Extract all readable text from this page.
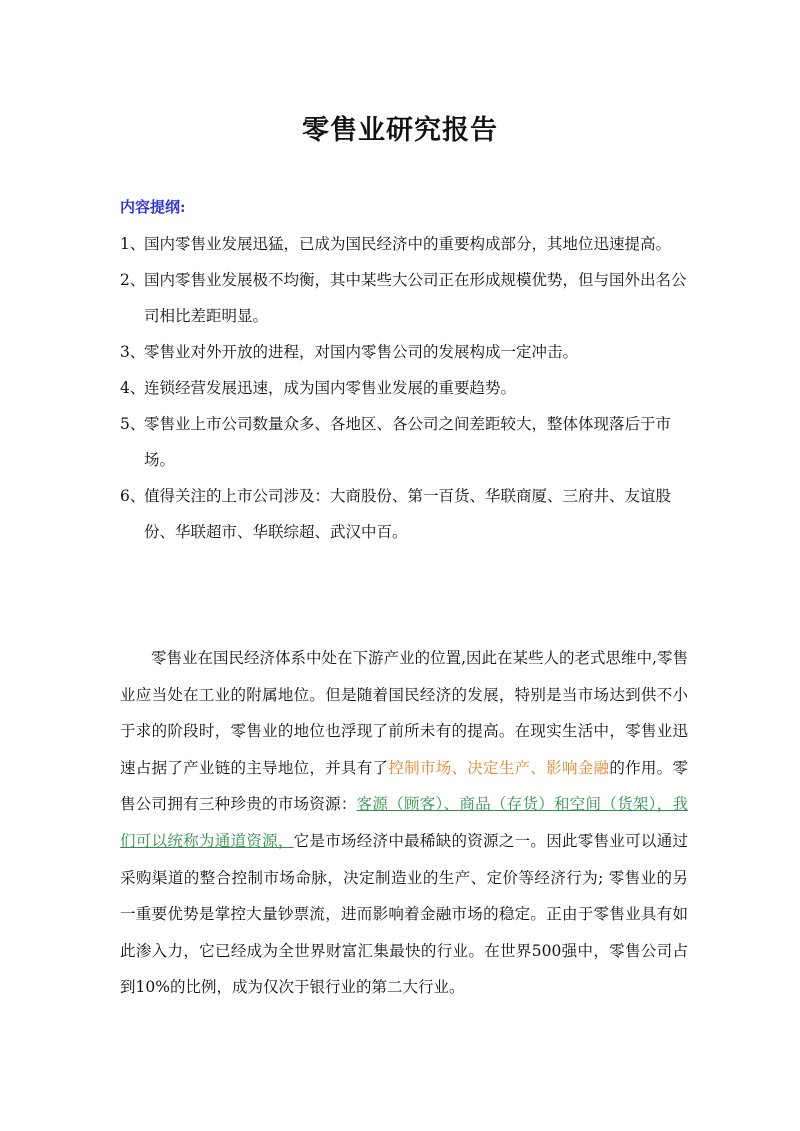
零售业研究报告
内容提纲:
1、
国内零售业发展迅猛，已成为国民经济中的重要构成部分，其地位迅速提高。
2、
国内零售业发展极不均衡，其中某些大公司正在形成规模优势，但与国外出名公司相比差距明显。
3、
零售业对外开放的进程，对国内零售公司的发展构成一定冲击。
4、
连锁经营发展迅速，成为国内零售业发展的重要趋势。
5、
零售业上市公司数量众多、各地区、各公司之间差距较大，整体体现落后于市场。
6、
值得关注的上市公司涉及：大商股份、第一百货、华联商厦、三府井、友谊股份、华联超市、华联综超、武汉中百。
零售业在国民经济体系中处在下游产业的位置,因此在某些人的老式思维中,零售业应当处在工业的附属地位。但是随着国民经济的发展，特别是当市场达到供不小于求的阶段时，零售业的地位也浮现了前所未有的提高。在现实生活中，零售业迅速占据了产业链的主导地位，并具有了控制市场、决定生产、影响金融的作用。零售公司拥有三种珍贵的市场资源：客源（顾客）、商品（存货）和空间（货架），我们可以统称为通道资源，它是市场经济中最稀缺的资源之一。因此零售业可以通过采购渠道的整合控制市场命脉，决定制造业的生产、定价等经济行为; 零售业的另一重要优势是掌控大量钞票流，进而影响着金融市场的稳定。正由于零售业具有如此渗入力，它已经成为全世界财富汇集最快的行业。在世界500强中，零售公司占到10%的比例，成为仅次于银行业的第二大行业。
